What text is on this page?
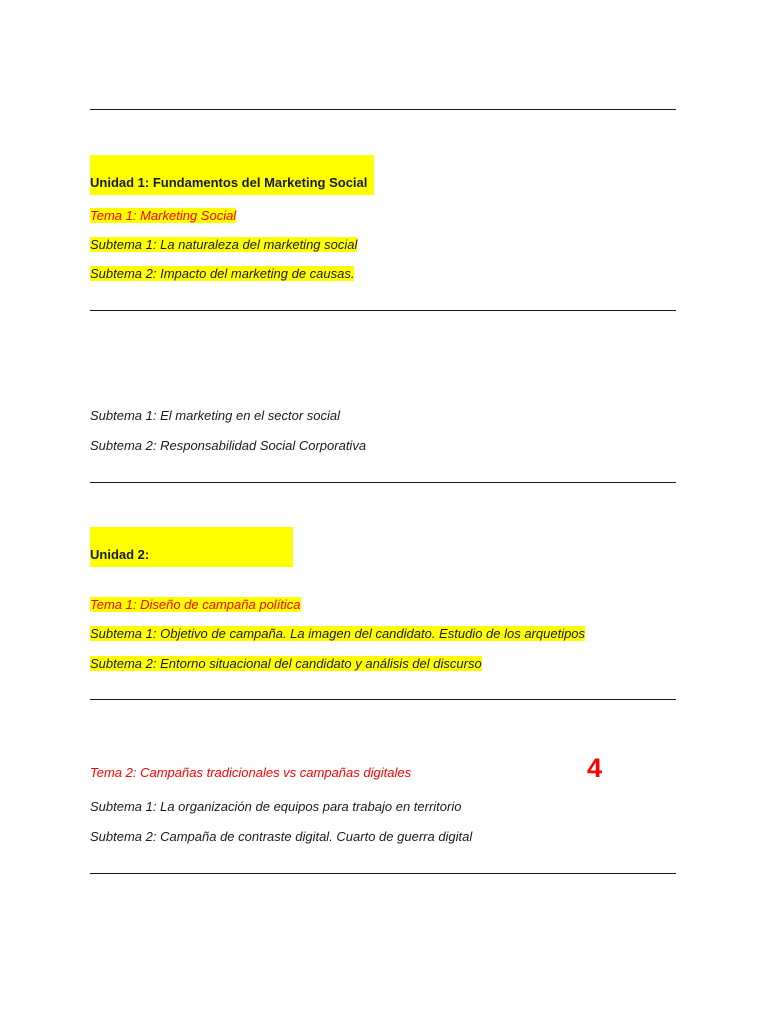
Unidad 1: Fundamentos del Marketing Social
Tema 1: Marketing Social
Subtema 1: La naturaleza del marketing social
Subtema 2: Impacto del marketing de causas.
Subtema 1: El marketing en el sector social
Subtema 2: Responsabilidad Social Corporativa
Unidad 2:
Tema 1: Diseño de campaña política
Subtema 1: Objetivo de campaña. La imagen del candidato. Estudio de los arquetipos
Subtema 2: Entorno situacional del candidato y análisis del discurso
Tema 2: Campañas tradicionales vs campañas digitales	4
Subtema 1: La organización de equipos para trabajo en territorio
Subtema 2: Campaña de contraste digital. Cuarto de guerra digital
